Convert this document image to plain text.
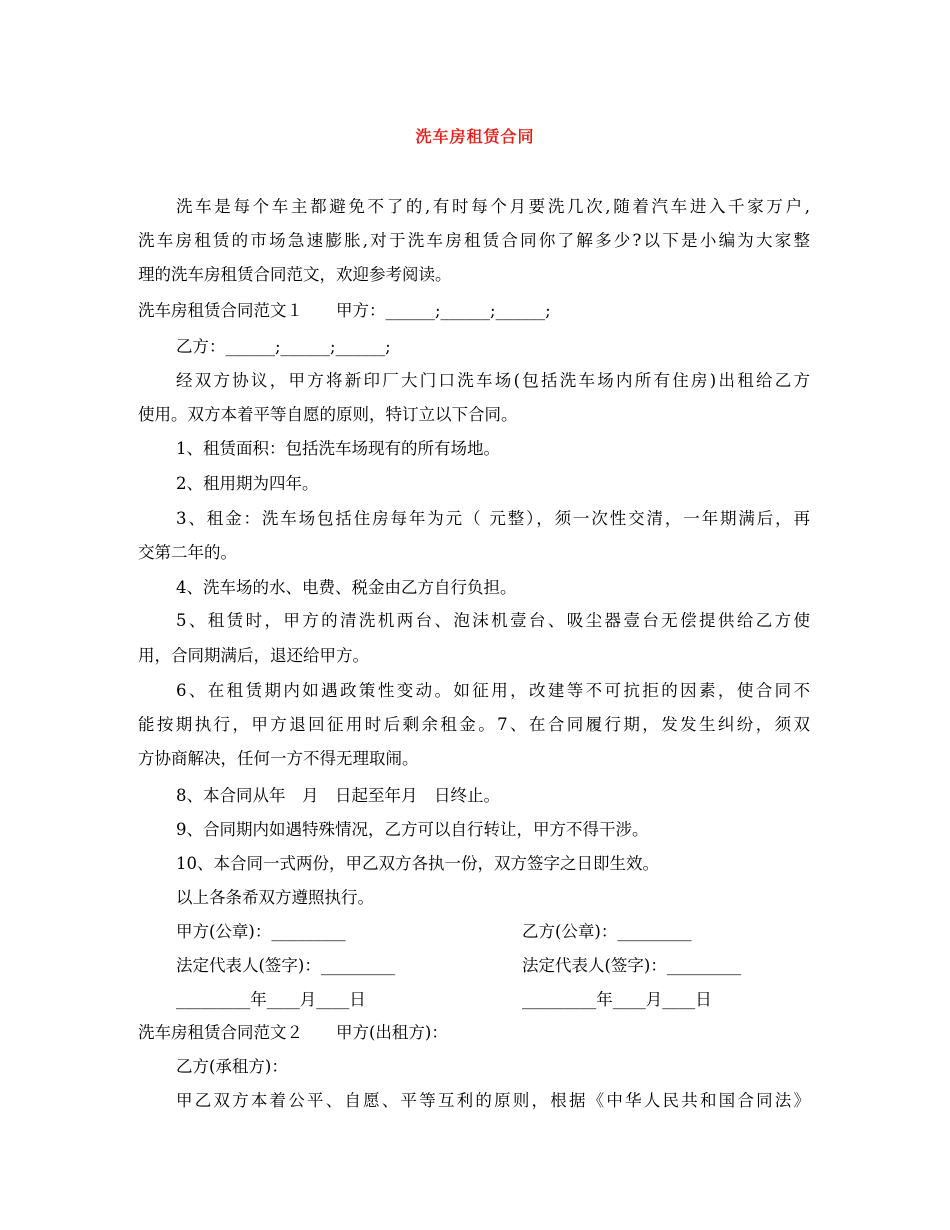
洗车房租赁合同
洗车是每个车主都避免不了的,有时每个月要洗几次,随着汽车进入千家万户,
洗车房租赁的市场急速膨胀,对于洗车房租赁合同你了解多少?以下是小编为大家整
理的洗车房租赁合同范文，欢迎参考阅读。
洗车房租赁合同范文１　　甲方：______;______;______;
乙方：______;______;______;
经双方协议，甲方将新印厂大门口洗车场(包括洗车场内所有住房)出租给乙方
使用。双方本着平等自愿的原则，特订立以下合同。
1、租赁面积：包括洗车场现有的所有场地。
2、租用期为四年。
3、租金：洗车场包括住房每年为元（ 元整），须一次性交清，一年期满后，再
交第二年的。
4、洗车场的水、电费、税金由乙方自行负担。
5、租赁时，甲方的清洗机两台、泡沫机壹台、吸尘器壹台无偿提供给乙方使
用，合同期满后，退还给甲方。
6、在租赁期内如遇政策性变动。如征用，改建等不可抗拒的因素，使合同不
能按期执行，甲方退回征用时后剩余租金。7、在合同履行期，发发生纠纷，须双
方协商解决，任何一方不得无理取闹。
8、本合同从年　月　日起至年月　日终止。
9、合同期内如遇特殊情况，乙方可以自行转让，甲方不得干涉。
10、本合同一式两份，甲乙双方各执一份，双方签字之日即生效。
以上各条希双方遵照执行。
甲方(公章)：_________	乙方(公章)：_________
法定代表人(签字)：_________	法定代表人(签字)：_________
_________年____月____日	_________年____月____日
洗车房租赁合同范文２　　甲方(出租方)：
乙方(承租方)：
甲乙双方本着公平、自愿、平等互利的原则，根据《中华人民共和国合同法》
